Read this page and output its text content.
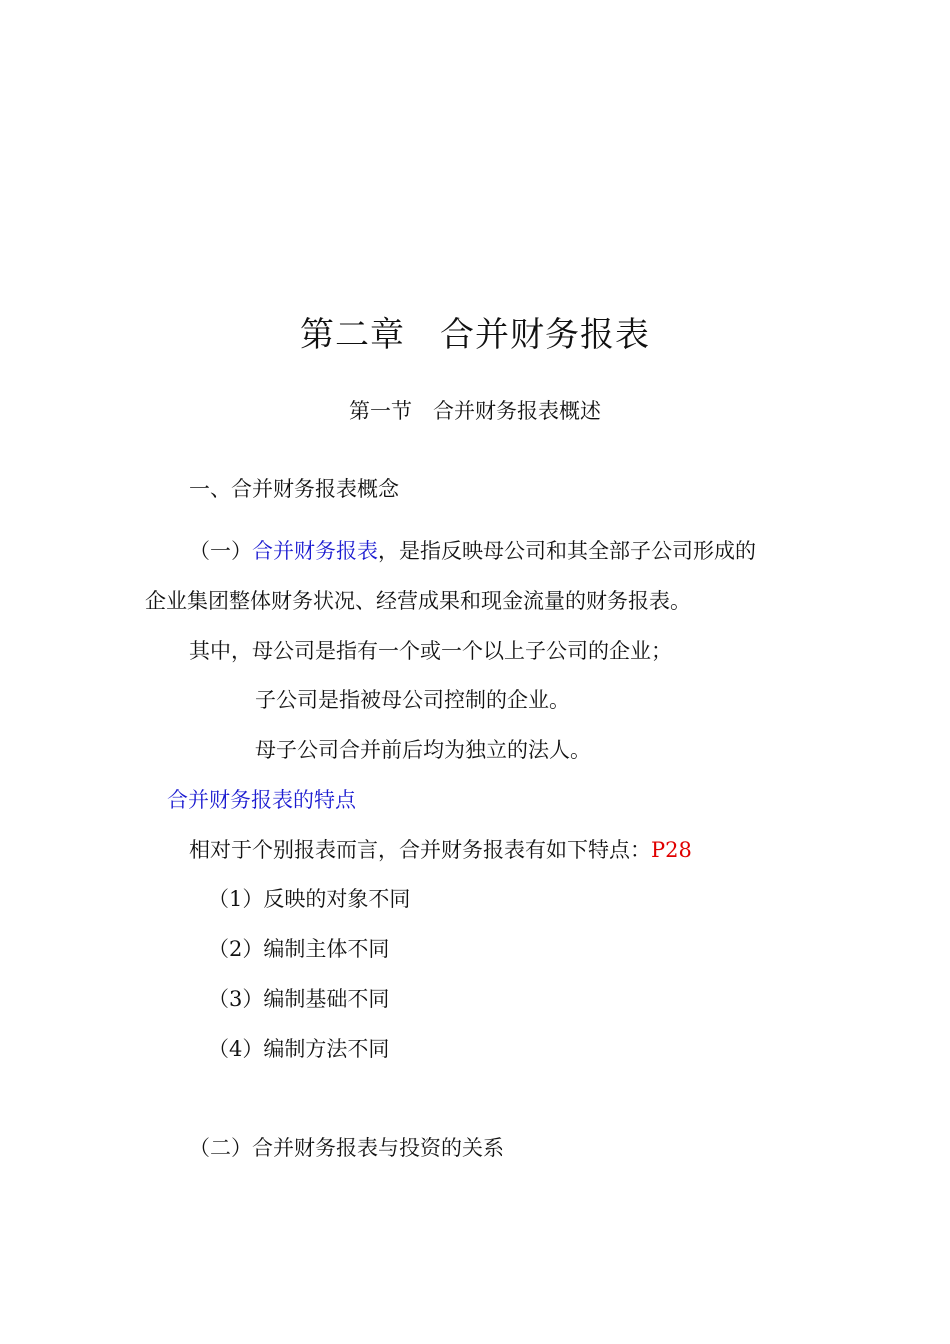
第二章　合并财务报表
第一节　合并财务报表概述
一、合并财务报表概念
（一）合并财务报表，是指反映母公司和其全部子公司形成的
企业集团整体财务状况、经营成果和现金流量的财务报表。
其中，母公司是指有一个或一个以上子公司的企业；
子公司是指被母公司控制的企业。
母子公司合并前后均为独立的法人。
合并财务报表的特点
相对于个别报表而言，合并财务报表有如下特点：P28
（1）反映的对象不同
（2）编制主体不同
（3）编制基础不同
（4）编制方法不同
（二）合并财务报表与投资的关系
